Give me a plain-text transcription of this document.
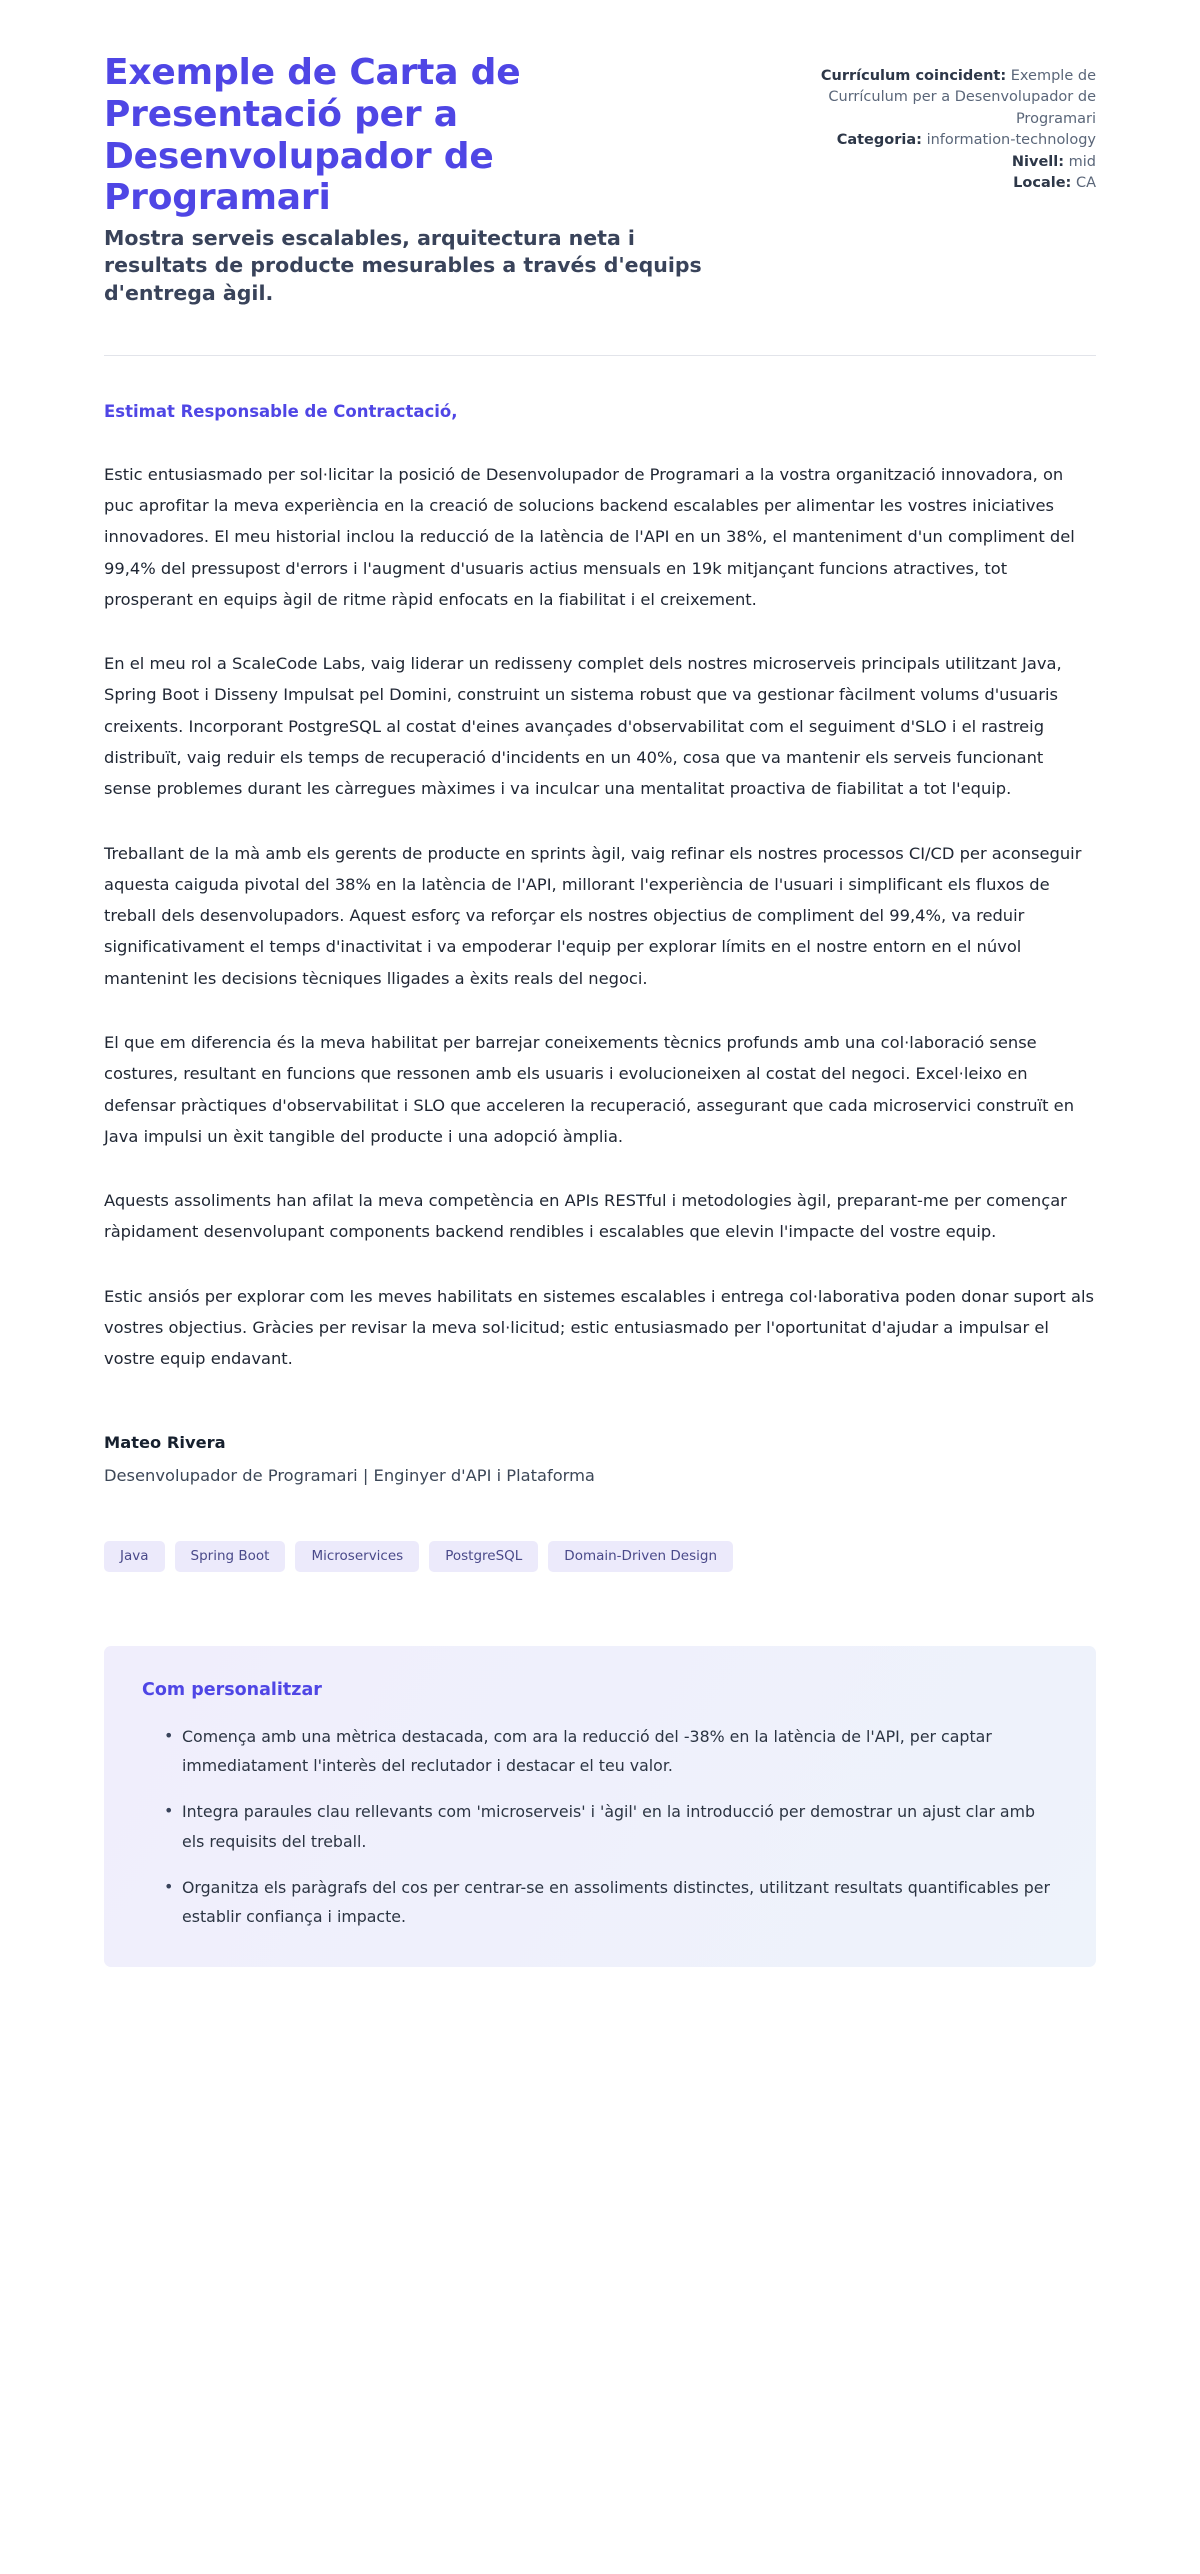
Exemple de Carta de Presentació per a Desenvolupador de Programari

Mostra serveis escalables, arquitectura neta i resultats de producte mesurables a través d'equips d'entrega àgil.

Currículum coincident: Exemple de Currículum per a Desenvolupador de Programari
Categoria: information-technology
Nivell: mid
Locale: CA

Estimat Responsable de Contractació,

Estic entusiasmado per sol·licitar la posició de Desenvolupador de Programari a la vostra organització innovadora, on puc aprofitar la meva experiència en la creació de solucions backend escalables per alimentar les vostres iniciatives innovadores. El meu historial inclou la reducció de la latència de l'API en un 38%, el manteniment d'un compliment del 99,4% del pressupost d'errors i l'augment d'usuaris actius mensuals en 19k mitjançant funcions atractives, tot prosperant en equips àgil de ritme ràpid enfocats en la fiabilitat i el creixement.

En el meu rol a ScaleCode Labs, vaig liderar un redisseny complet dels nostres microserveis principals utilitzant Java, Spring Boot i Disseny Impulsat pel Domini, construint un sistema robust que va gestionar fàcilment volums d'usuaris creixents. Incorporant PostgreSQL al costat d'eines avançades d'observabilitat com el seguiment d'SLO i el rastreig distribuït, vaig reduir els temps de recuperació d'incidents en un 40%, cosa que va mantenir els serveis funcionant sense problemes durant les càrregues màximes i va inculcar una mentalitat proactiva de fiabilitat a tot l'equip.

Treballant de la mà amb els gerents de producte en sprints àgil, vaig refinar els nostres processos CI/CD per aconseguir aquesta caiguda pivotal del 38% en la latència de l'API, millorant l'experiència de l'usuari i simplificant els fluxos de treball dels desenvolupadors. Aquest esforç va reforçar els nostres objectius de compliment del 99,4%, va reduir significativament el temps d'inactivitat i va empoderar l'equip per explorar límits en el nostre entorn en el núvol mantenint les decisions tècniques lligades a èxits reals del negoci.

El que em diferencia és la meva habilitat per barrejar coneixements tècnics profunds amb una col·laboració sense costures, resultant en funcions que ressonen amb els usuaris i evolucioneixen al costat del negoci. Excel·leixo en defensar pràctiques d'observabilitat i SLO que acceleren la recuperació, assegurant que cada microservici construït en Java impulsi un èxit tangible del producte i una adopció àmplia.

Aquests assoliments han afilat la meva competència en APIs RESTful i metodologies àgil, preparant-me per començar ràpidament desenvolupant components backend rendibles i escalables que elevin l'impacte del vostre equip.

Estic ansiós per explorar com les meves habilitats en sistemes escalables i entrega col·laborativa poden donar suport als vostres objectius. Gràcies per revisar la meva sol·licitud; estic entusiasmado per l'oportunitat d'ajudar a impulsar el vostre equip endavant.

Mateo Rivera

Desenvolupador de Programari | Enginyer d'API i Plataforma

Java	Spring Boot	Microservices	PostgreSQL	Domain-Driven Design
Com personalitzar
• Comença amb una mètrica destacada, com ara la reducció del -38% en la latència de l'API, per captar immediatament l'interès del reclutador i destacar el teu valor.
• Integra paraules clau rellevants com 'microserveis' i 'àgil' en la introducció per demostrar un ajust clar amb els requisits del treball.
• Organitza els paràgrafs del cos per centrar-se en assoliments distinctes, utilitzant resultats quantificables per establir confiança i impacte.
